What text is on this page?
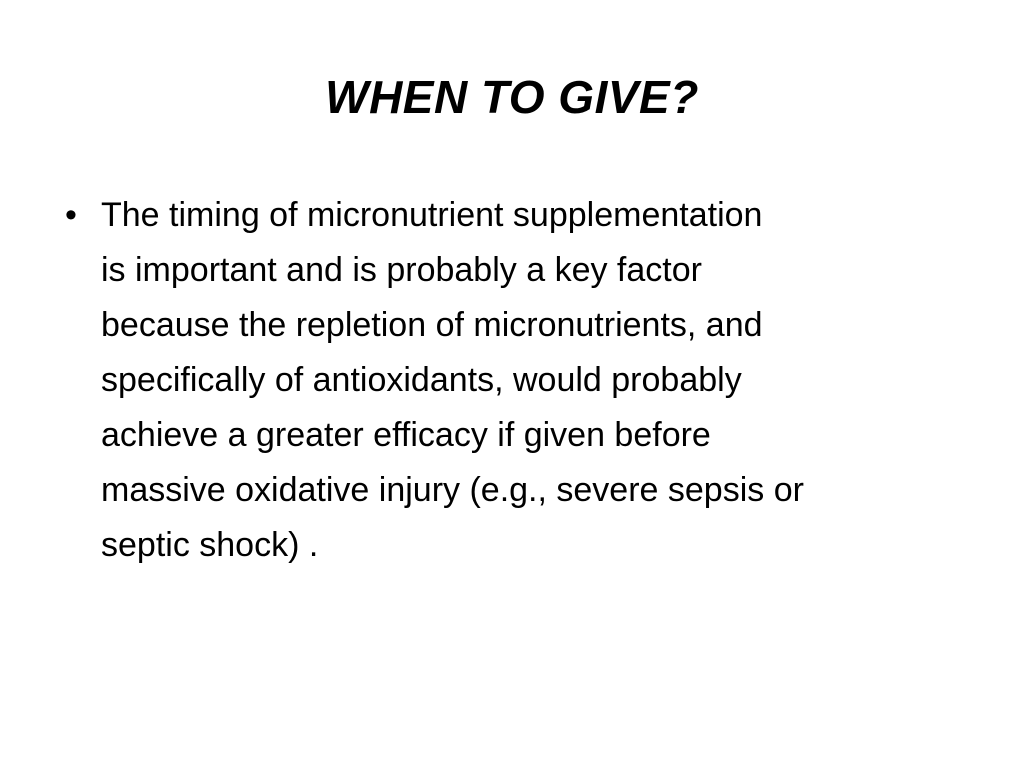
WHEN TO GIVE?
• The timing of micronutrient supplementation
is important and is probably a key factor
because the repletion of micronutrients, and
specifically of antioxidants, would probably
achieve a greater efficacy if given before
massive oxidative injury (e.g., severe sepsis or
septic shock) .
